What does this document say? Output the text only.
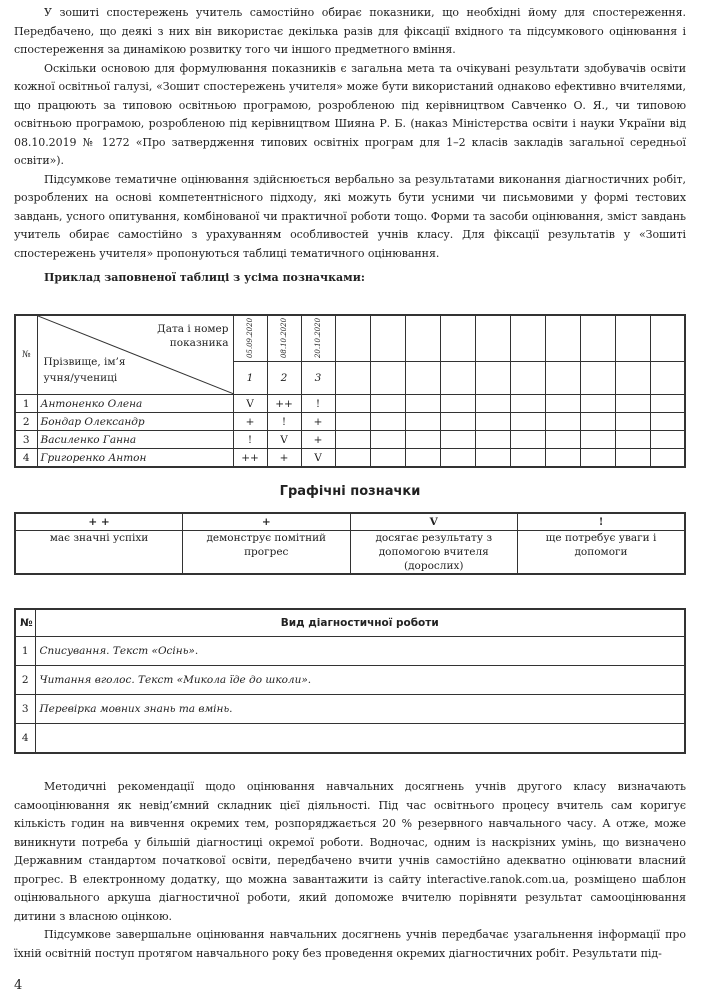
У зошиті спостережень учитель самостійно обирає показники, що необхідні йому для спостереження. Передбачено, що деякі з них він використає декілька разів для фіксації вхідного та підсумкового оцінювання і спостереження за динамікою розвитку того чи іншого предметного вміння.

Оскільки основою для формулювання показників є загальна мета та очікувані результати здобувачів освіти кожної освітньої галузі, «Зошит спостережень учителя» може бути використаний однаково ефективно вчителями, що працюють за типовою освітньою програмою, розробленою під керівництвом Савченко О. Я., чи типовою освітньою програмою, розробленою під керівництвом Шияна Р. Б. (наказ Міністерства освіти і науки України від 08.10.2019 № 1272 «Про затвердження типових освітніх програм для 1–2 класів закладів загальної середньої освіти»).

Підсумкове тематичне оцінювання здійснюється вербально за результатами виконання діагностичних робіт, розроблених на основі компетентнісного підходу, які можуть бути усними чи письмовими у формі тестових завдань, усного опитування, комбінованої чи практичної роботи тощо. Форми та засоби оцінювання, зміст завдань учитель обирає самостійно з урахуванням особливостей учнів класу. Для фіксації результатів у «Зошиті спостережень учителя» пропонуються таблиці тематичного оцінювання.

Приклад заповненої таблиці з усіма позначками:
№	Дата і номер показника
Прізвище, ім’я учня/учениці	05.09.2020	08.10.2020	20.10.2020										

		1	2	3										
1	Антоненко Олена	V	++	!										
2	Бондар Олександр	+	!	+										
3	Василенко Ганна	!	V	+										
4	Григоренко Антон	++	+	V										
Графічні позначки
+ +	+	V	!
має значні успіхи	демонструє помітний прогрес	досягає результату з допомогою вчителя (дорослих)	ще потребує уваги і допомоги
№	Вид діагностичної роботи
1	Списування. Текст «Осінь».
2	Читання вголос. Текст «Микола їде до школи».
3	Перевірка мовних знань та вмінь.
4	

Методичні рекомендації щодо оцінювання навчальних досягнень учнів другого класу визначають самооцінювання як невід’ємний складник цієї діяльності. Під час освітнього процесу вчитель сам коригує кількість годин на вивчення окремих тем, розпоряджається 20 % резервного навчального часу. А отже, може виникнути потреба у більшій діагностиці окремої роботи. Водночас, одним із наскрізних умінь, що визначено Державним стандартом початкової освіти, передбачено вчити учнів самостійно адекватно оцінювати власний прогрес. В електронному додатку, що можна завантажити із сайту interactive.ranok.com.ua, розміщено шаблон оцінювального аркуша діагностичної роботи, який допоможе вчителю порівняти результат самооцінювання дитини з власною оцінкою.

Підсумкове завершальне оцінювання навчальних досягнень учнів передбачає узагальнення інформації про їхній освітній поступ протягом навчального року без проведення окремих діагностичних робіт. Результати під-

4
